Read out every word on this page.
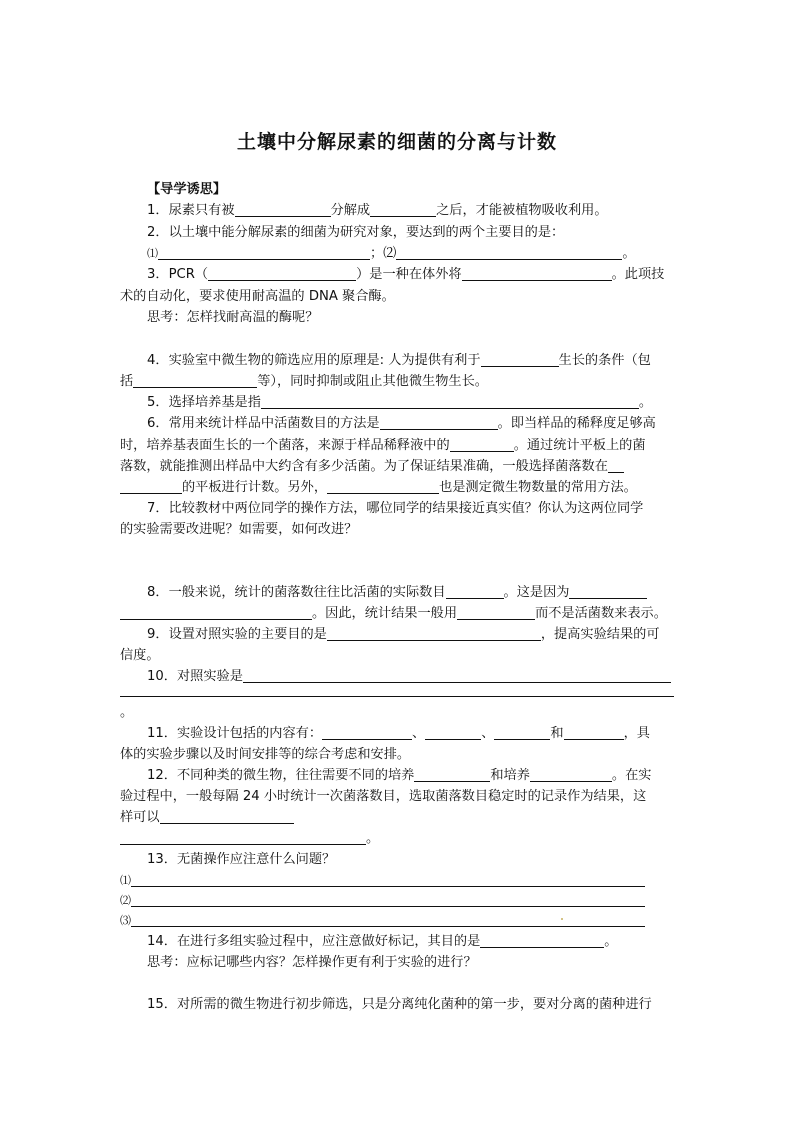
土壤中分解尿素的细菌的分离与计数
【导学诱思】
1．尿素只有被	分解成	之后，才能被植物吸收利用。
2．以土壤中能分解尿素的细菌为研究对象，要达到的两个主要目的是：
⑴	；⑵	。
3．PCR（	）是一种在体外将	。此项技
术的自动化，要求使用耐高温的 DNA 聚合酶。
思考：怎样找耐高温的酶呢？
4．实验室中微生物的筛选应用的原理是: 人为提供有利于	生长的条件（包
括	等），同时抑制或阻止其他微生物生长。
5．选择培养基是指	。
6．常用来统计样品中活菌数目的方法是	。即当样品的稀释度足够高
时，培养基表面生长的一个菌落，来源于样品稀释液中的	。通过统计平板上的菌
落数，就能推测出样品中大约含有多少活菌。为了保证结果准确，一般选择菌落数在
的平板进行计数。另外，	也是测定微生物数量的常用方法。
7．比较教材中两位同学的操作方法，哪位同学的结果接近真实值？你认为这两位同学
的实验需要改进呢？如需要，如何改进？
8．一般来说，统计的菌落数往往比活菌的实际数目	。这是因为
。因此，统计结果一般用	而不是活菌数来表示。
9．设置对照实验的主要目的是	，提高实验结果的可
信度。
10．对照实验是
。
11．实验设计包括的内容有：	、	、	和	，具
体的实验步骤以及时间安排等的综合考虑和安排。
12．不同种类的微生物，往往需要不同的培养	和培养	。在实
验过程中，一般每隔 24 小时统计一次菌落数目，选取菌落数目稳定时的记录作为结果，这
样可以
。
13．无菌操作应注意什么问题？
⑴
⑵
⑶
14．在进行多组实验过程中，应注意做好标记，其目的是	。
思考：应标记哪些内容？怎样操作更有利于实验的进行？
15．对所需的微生物进行初步筛选，只是分离纯化菌种的第一步，要对分离的菌种进行
